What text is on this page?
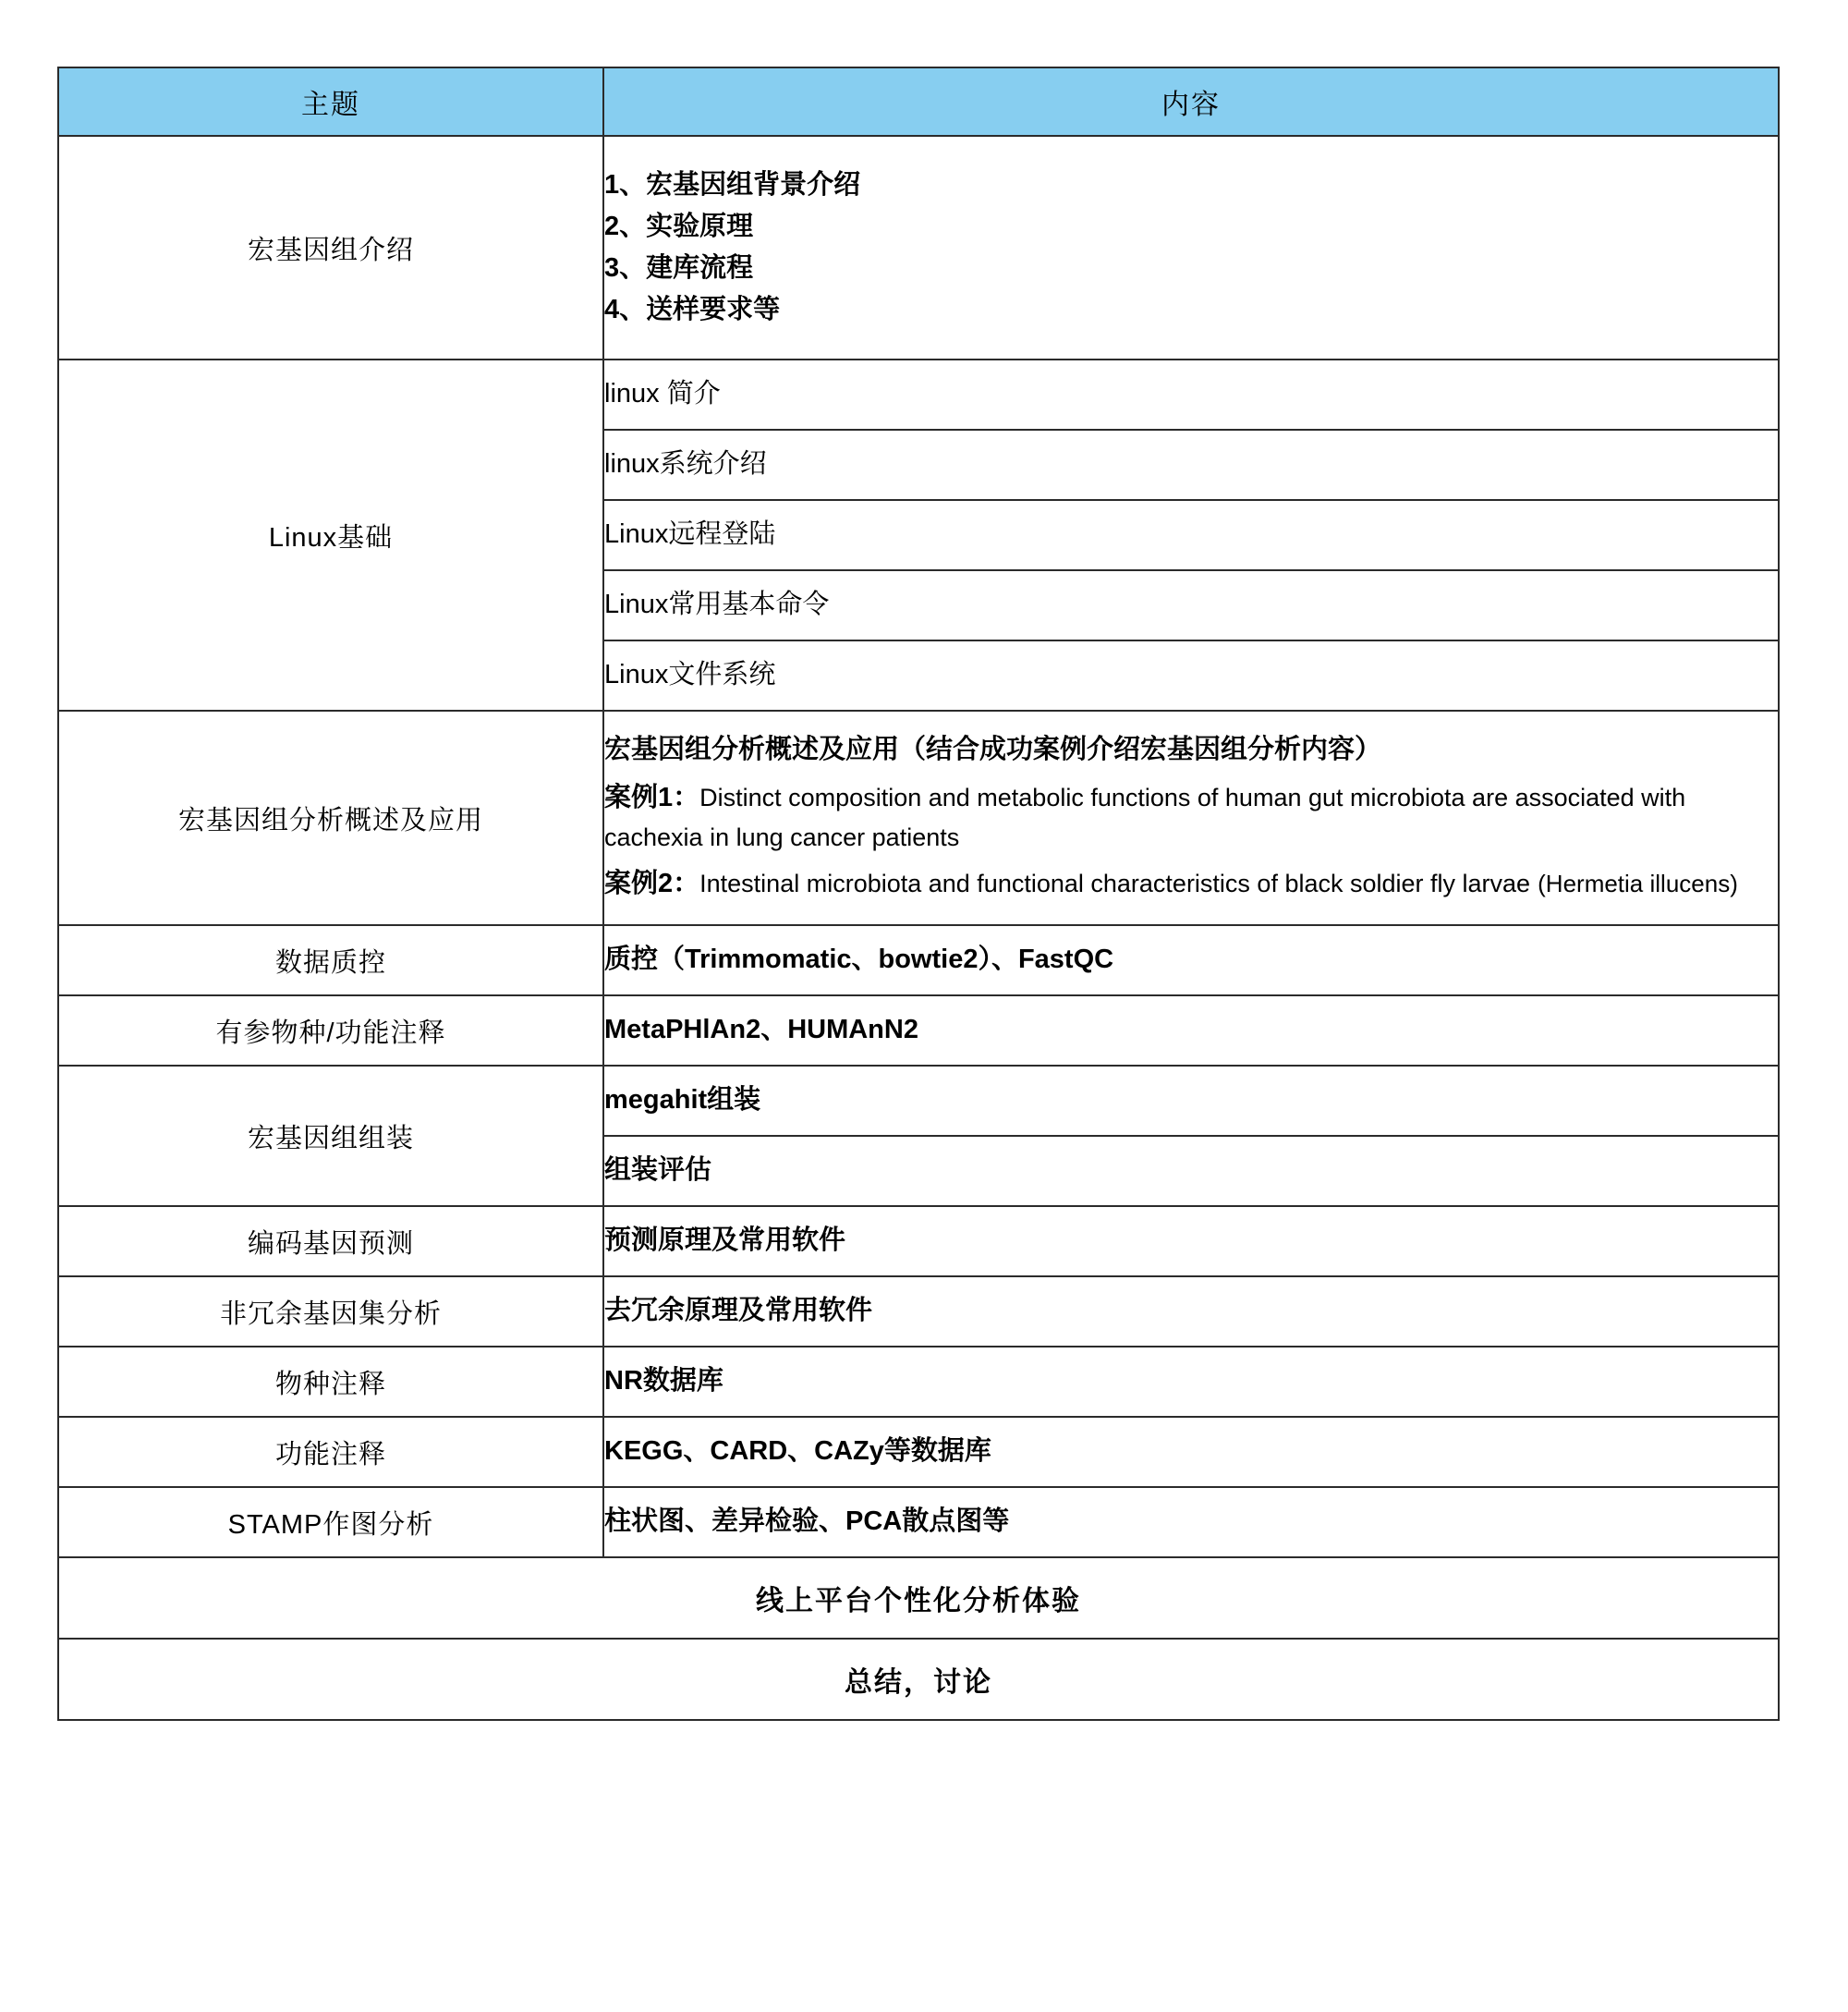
主题	内容
宏基因组介绍	1、宏基因组背景介绍
2、实验原理
3、建库流程
4、送样要求等

Linux基础	linux 简介
	linux系统介绍
	Linux远程登陆
	Linux常用基本命令
	Linux文件系统
宏基因组分析概述及应用	宏基因组分析概述及应用（结合成功案例介绍宏基因组分析内容）
案例1：Distinct composition and metabolic functions of human gut microbiota are associated with cachexia in lung cancer patients
案例2：Intestinal microbiota and functional characteristics of black soldier fly larvae (Hermetia illucens)

数据质控	质控（Trimmomatic、bowtie2）、FastQC
有参物种/功能注释	MetaPHlAn2、HUMAnN2
宏基因组组装	megahit组装
	组装评估
编码基因预测	预测原理及常用软件
非冗余基因集分析	去冗余原理及常用软件
物种注释	NR数据库
功能注释	KEGG、CARD、CAZy等数据库
STAMP作图分析	柱状图、差异检验、PCA散点图等
线上平台个性化分析体验	
总结，讨论	
